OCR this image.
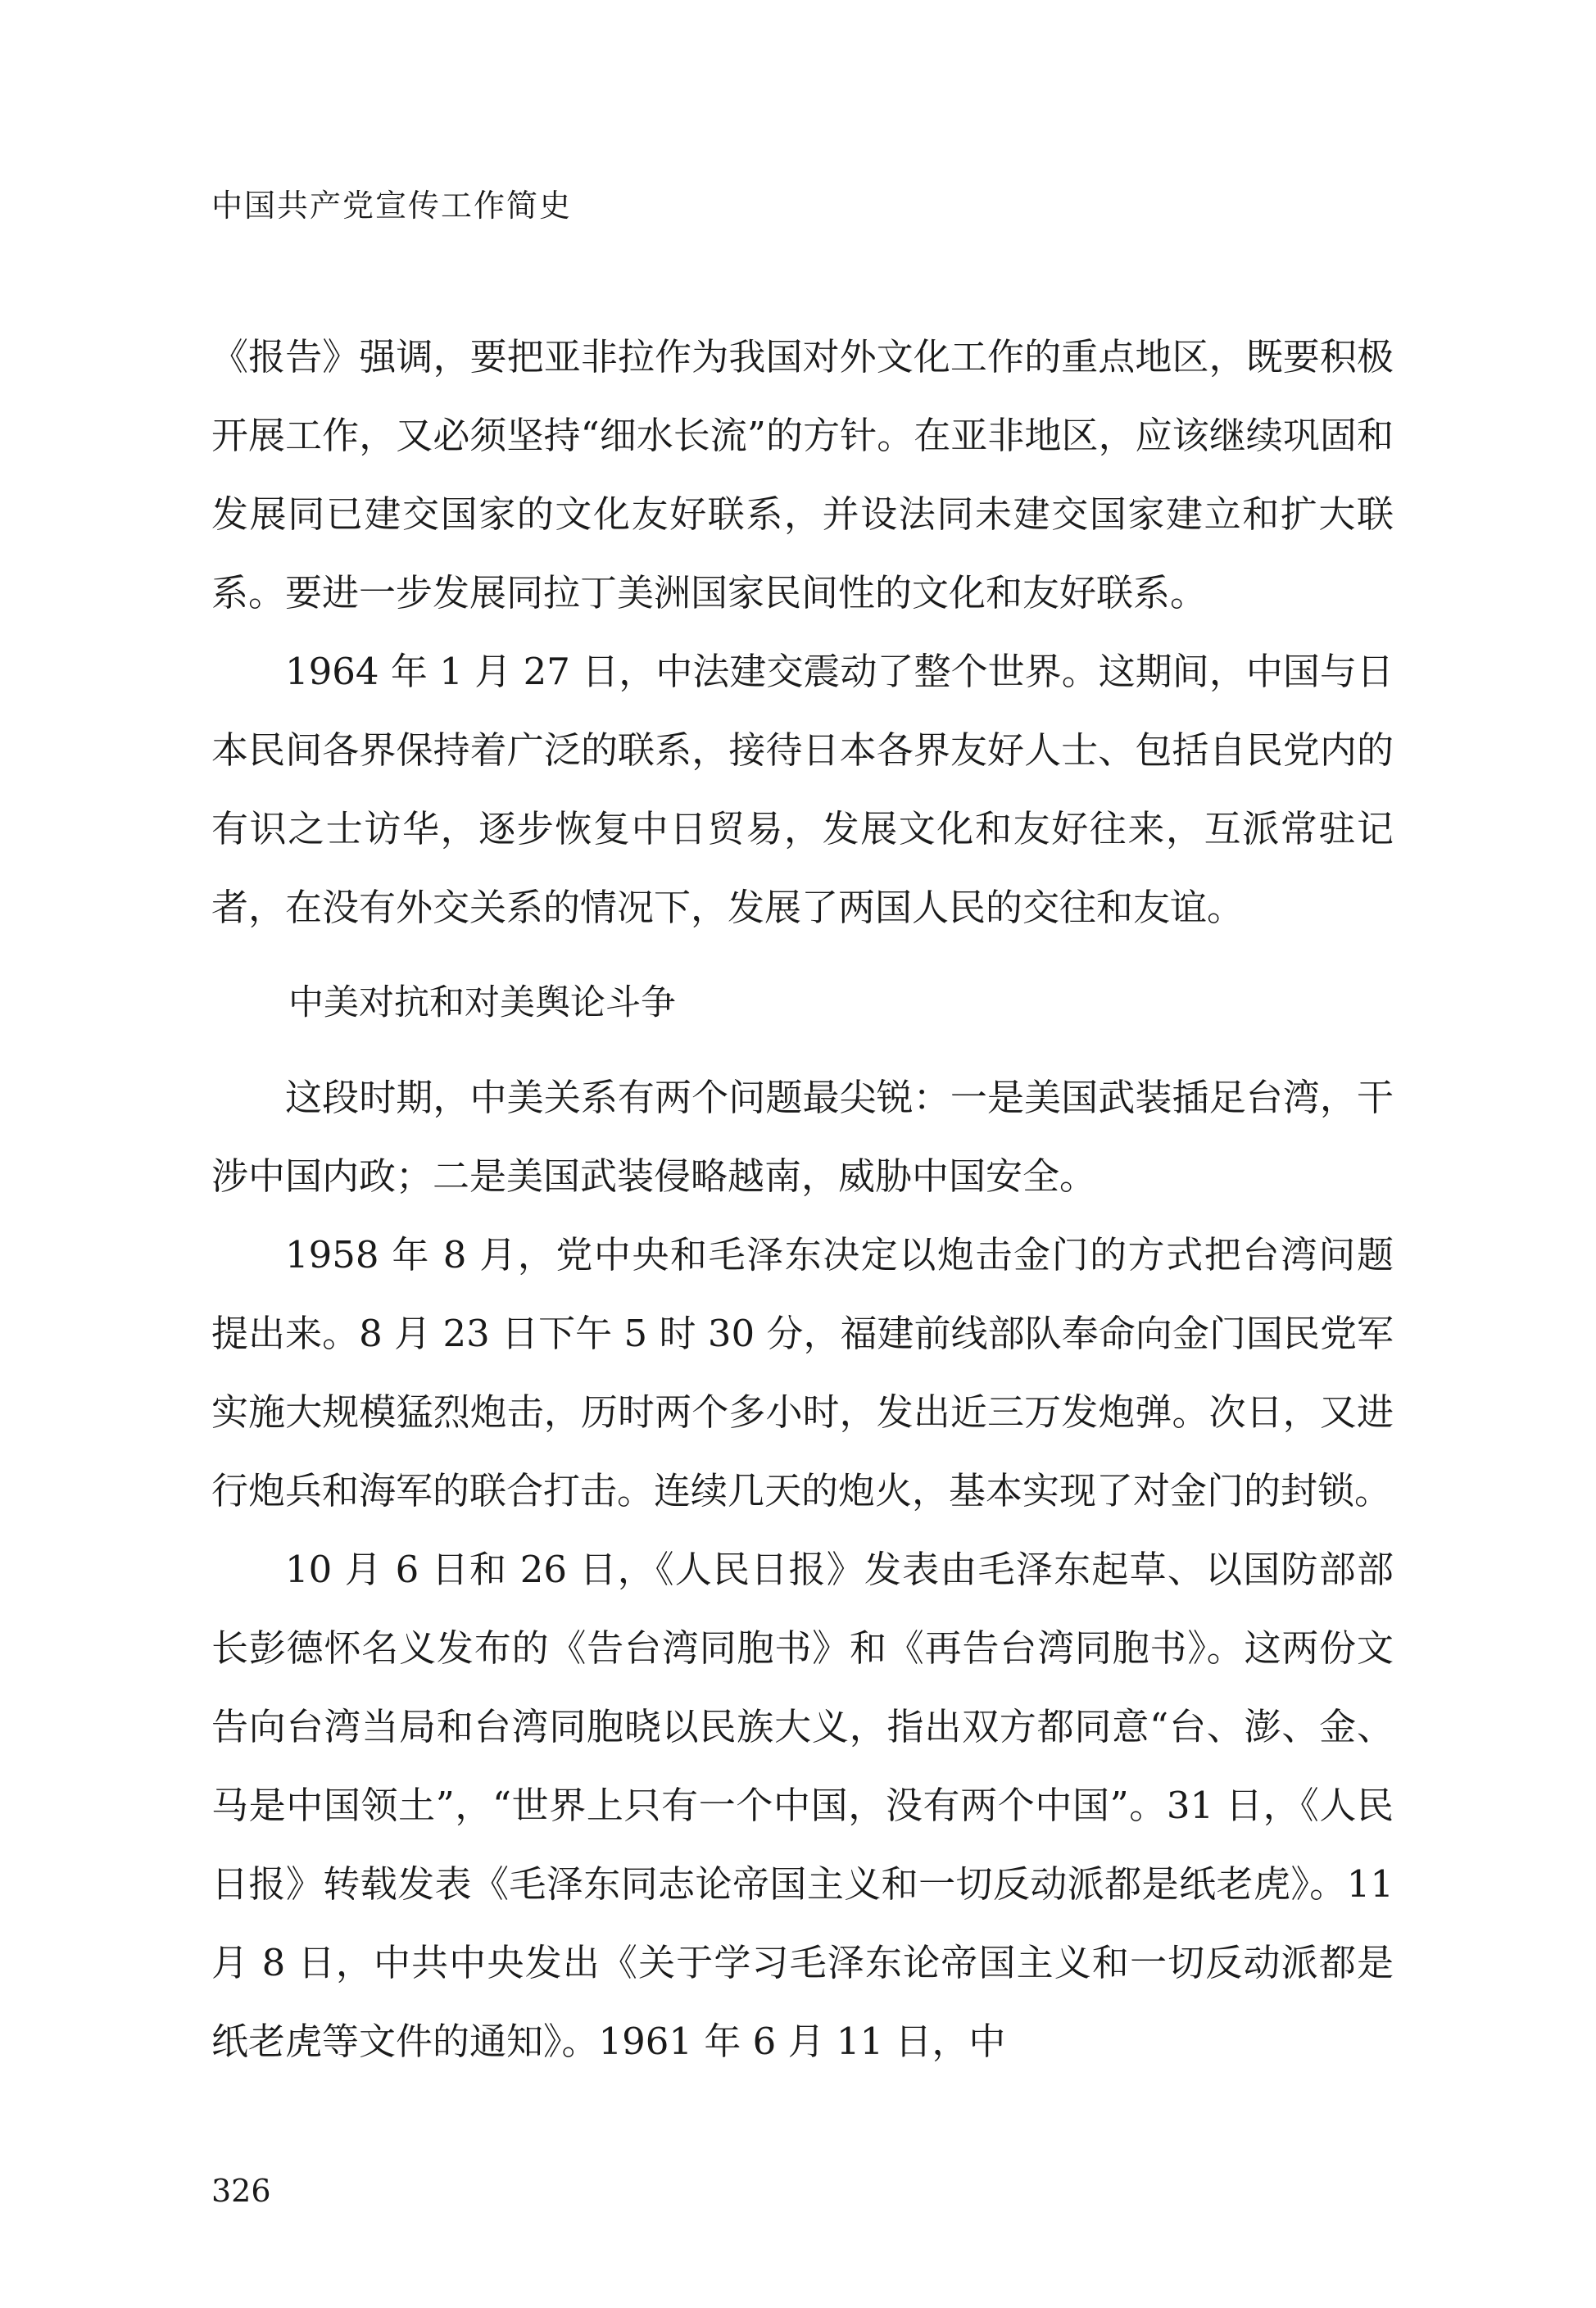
中国共产党宣传工作简史

《报告》强调，要把亚非拉作为我国对外文化工作的重点地区，既要积极开展工作，又必须坚持“细水长流”的方针。在亚非地区，应该继续巩固和发展同已建交国家的文化友好联系，并设法同未建交国家建立和扩大联系。要进一步发展同拉丁美洲国家民间性的文化和友好联系。

1964 年 1 月 27 日，中法建交震动了整个世界。这期间，中国与日本民间各界保持着广泛的联系，接待日本各界友好人士、包括自民党内的有识之士访华，逐步恢复中日贸易，发展文化和友好往来，互派常驻记者，在没有外交关系的情况下，发展了两国人民的交往和友谊。

中美对抗和对美舆论斗争

这段时期，中美关系有两个问题最尖锐：一是美国武装插足台湾，干涉中国内政；二是美国武装侵略越南，威胁中国安全。

1958 年 8 月，党中央和毛泽东决定以炮击金门的方式把台湾问题提出来。8 月 23 日下午 5 时 30 分，福建前线部队奉命向金门国民党军实施大规模猛烈炮击，历时两个多小时，发出近三万发炮弹。次日，又进行炮兵和海军的联合打击。连续几天的炮火，基本实现了对金门的封锁。

10 月 6 日和 26 日，《人民日报》发表由毛泽东起草、以国防部部长彭德怀名义发布的《告台湾同胞书》和《再告台湾同胞书》。这两份文告向台湾当局和台湾同胞晓以民族大义，指出双方都同意“台、澎、金、马是中国领土”，“世界上只有一个中国，没有两个中国”。31 日，《人民日报》转载发表《毛泽东同志论帝国主义和一切反动派都是纸老虎》。11 月 8 日，中共中央发出《关于学习毛泽东论帝国主义和一切反动派都是纸老虎等文件的通知》。1961 年 6 月 11 日，中

326
